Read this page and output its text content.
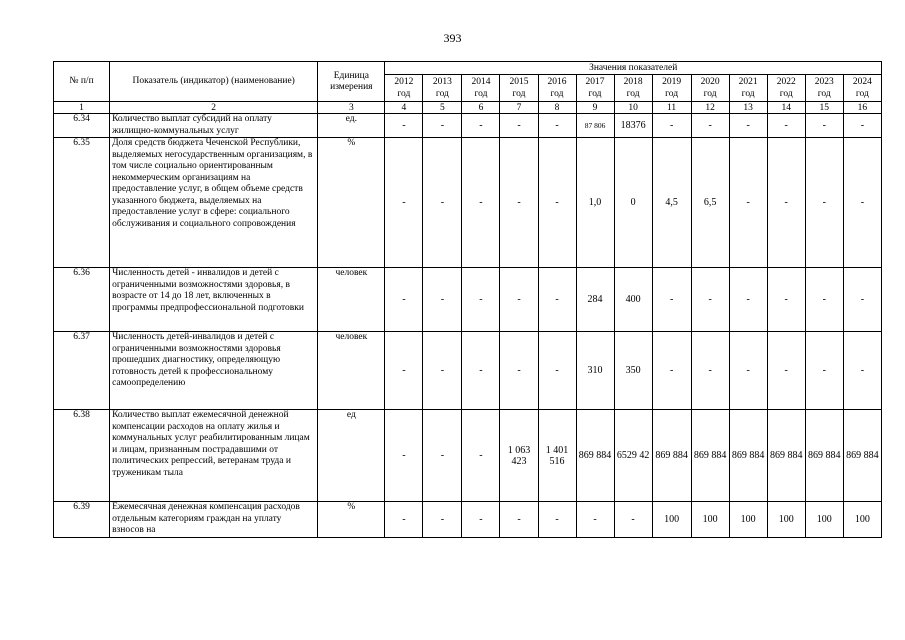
393
№ п/п	Показатель (индикатор) (наименование)	Единица измерения	Значения показателей												
			2012 год	2013 год	2014 год	2015 год	2016 год	2017 год	2018 год	2019 год	2020 год	2021 год	2022 год	2023 год	2024 год
1	2	3	4	5	6	7	8	9	10	11	12	13	14	15	16
6.34	Количество выплат субсидий на оплату жилищно-коммунальных услуг	ед.	-	-	-	-	-	87 806	18376	-	-	-	-	-	-
6.35	Доля средств бюджета Чеченской Республики, выделяемых негосударственным организациям, в том числе социально ориентированным некоммерческим организациям на предоставление услуг, в общем объеме средств указанного бюджета, выделяемых на предоставление услуг в сфере: социального обслуживания и социального сопровождения	%	-	-	-	-	-	1,0	0	4,5	6,5	-	-	-	-
6.36	Численность детей - инвалидов и детей с ограниченными возможностями здоровья, в возрасте от 14 до 18 лет, включенных в программы предпрофессиональной подготовки	человек	-	-	-	-	-	284	400	-	-	-	-	-	-
6.37	Численность детей-инвалидов и детей с ограниченными возможностями здоровья прошедших диагностику, определяющую готовность детей к профессиональному самоопределению	человек	-	-	-	-	-	310	350	-	-	-	-	-	-
6.38	Количество выплат ежемесячной денежной компенсации расходов на оплату жилья и коммунальных услуг реабилитированным лицам и лицам, признанным пострадавшими от политических репрессий, ветеранам труда и труженикам тыла	ед	-	-	-	1 063 423	1 401 516	869 884	6529 42	869 884	869 884	869 884	869 884	869 884	869 884
6.39	Ежемесячная денежная компенсация расходов отдельным категориям граждан на уплату взносов на	%	-	-	-	-	-	-	-	100	100	100	100	100	100
